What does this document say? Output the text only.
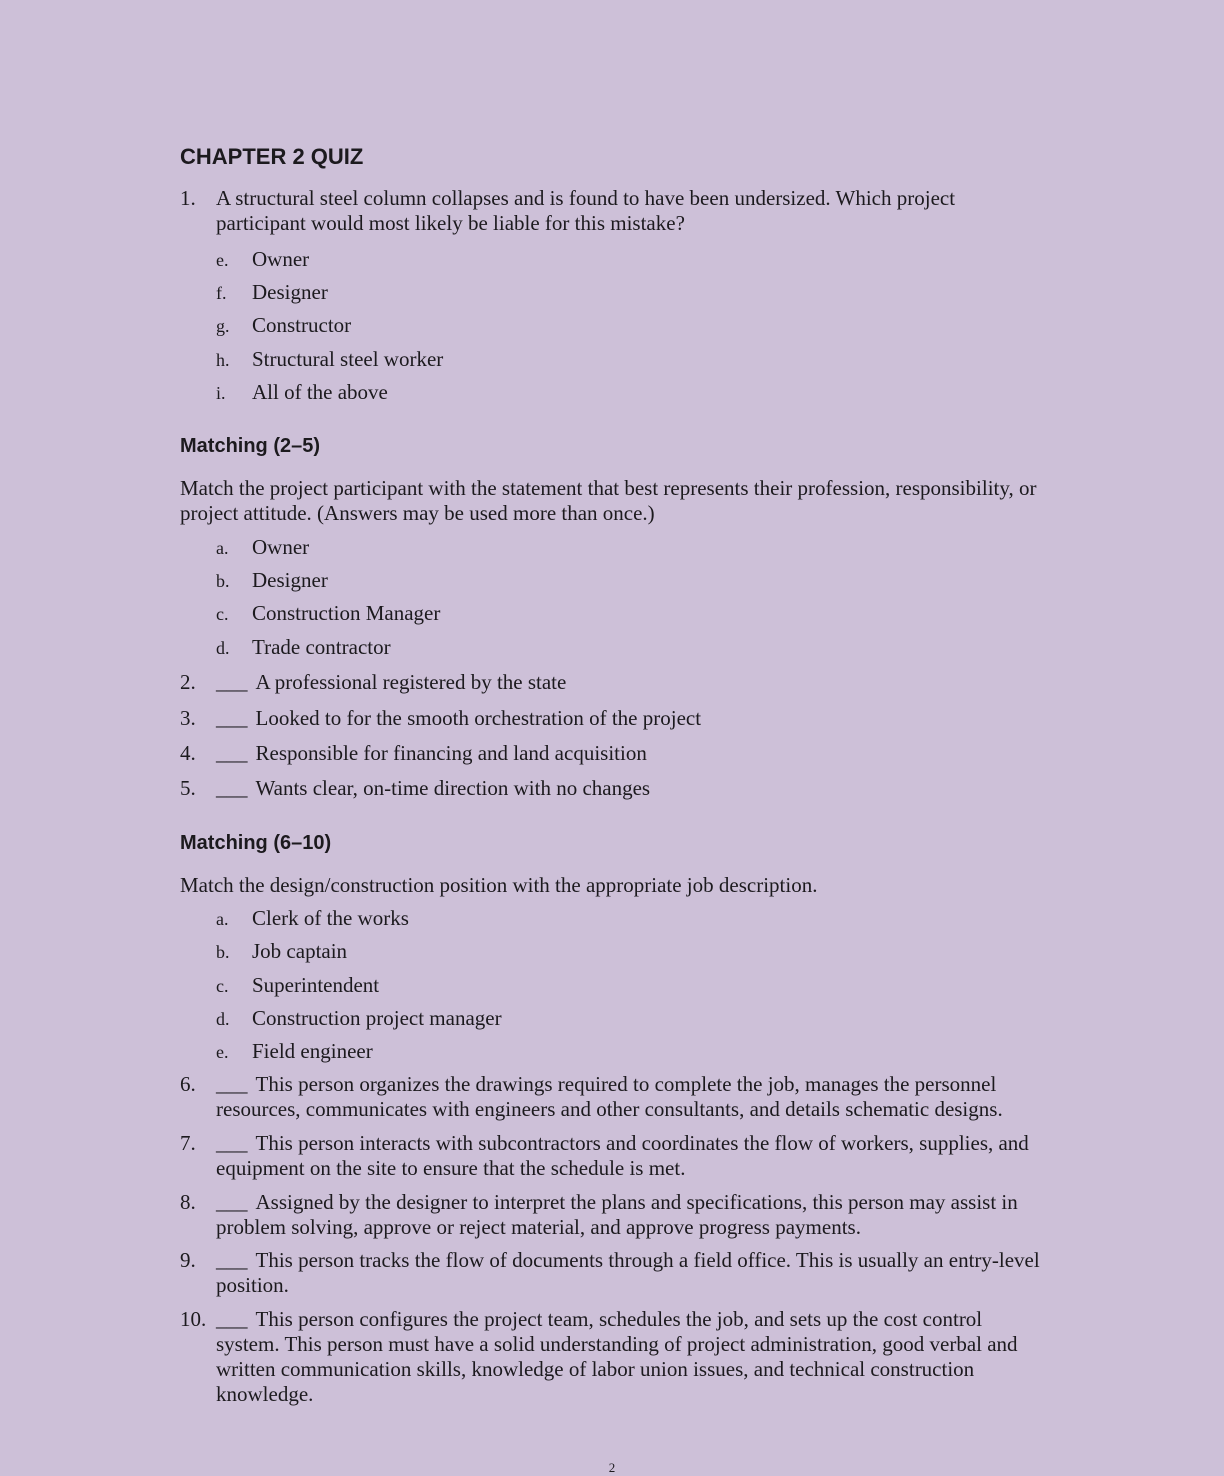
CHAPTER 2 QUIZ
1. A structural steel column collapses and is found to have been undersized. Which project participant would most likely be liable for this mistake?
e. Owner
f. Designer
g. Constructor
h. Structural steel worker
i. All of the above
Matching (2–5)
Match the project participant with the statement that best represents their profession, responsibility, or project attitude. (Answers may be used more than once.)
a. Owner
b. Designer
c. Construction Manager
d. Trade contractor
2. ___ A professional registered by the state
3. ___ Looked to for the smooth orchestration of the project
4. ___ Responsible for financing and land acquisition
5. ___ Wants clear, on-time direction with no changes
Matching (6–10)
Match the design/construction position with the appropriate job description.
a. Clerk of the works
b. Job captain
c. Superintendent
d. Construction project manager
e. Field engineer
6. ___ This person organizes the drawings required to complete the job, manages the personnel resources, communicates with engineers and other consultants, and details schematic designs.
7. ___ This person interacts with subcontractors and coordinates the flow of workers, supplies, and equipment on the site to ensure that the schedule is met.
8. ___ Assigned by the designer to interpret the plans and specifications, this person may assist in problem solving, approve or reject material, and approve progress payments.
9. ___ This person tracks the flow of documents through a field office. This is usually an entry-level position.
10. ___ This person configures the project team, schedules the job, and sets up the cost control system. This person must have a solid understanding of project administration, good verbal and written communication skills, knowledge of labor union issues, and technical construction knowledge.
2
